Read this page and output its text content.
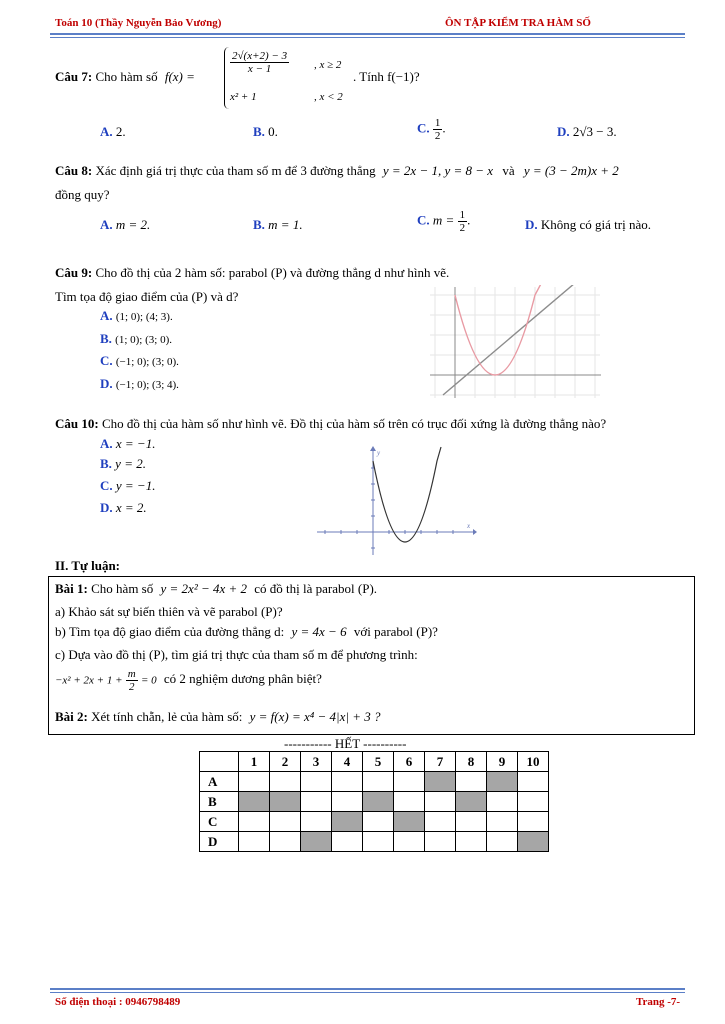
Toán 10 (Thầy Nguyễn Bảo Vương)	ÔN TẬP KIỂM TRA HÀM SỐ
Câu 7: Cho hàm số f(x) =
$\frac{2√(x+2) - 3}{x - 1}$ , x ≥ 2
x² + 1	, x < 2
. Tính f(−1)?
A. 2.	B. 0.	C. $\frac{1}{2}$ .	D. 2√3 − 3.
Câu 8: Xác định giá trị thực của tham số m để 3 đường thẳng y = 2x − 1, y = 8 − x và y = (3 − 2m)x + 2
đồng quy?
A. m = 2.	B. m = 1.	C. $m = \frac{1}{2}$ .	D. Không có giá trị nào.
Câu 9: Cho đồ thị của 2 hàm số: parabol (P) và đường thẳng d như hình vẽ.
Tìm tọa độ giao điểm của (P) và d?
A. (1; 0); (4; 3).
B. (1; 0); (3; 0).
C. (−1; 0); (3; 0).
D. (−1; 0); (3; 4).
Câu 10: Cho đồ thị của hàm số như hình vẽ. Đồ thị của hàm số trên có trục đối xứng là đường thẳng nào?
A. x = −1.
B. y = 2.
C. y = −1.
D. x = 2.
y
x
II. Tự luận:
Bài 1: Cho hàm số y = 2x² − 4x + 2 có đồ thị là parabol (P).
a) Khảo sát sự biến thiên và vẽ parabol (P)?
b) Tìm tọa độ giao điểm của đường thẳng d: y = 4x − 6 với parabol (P)?
c) Dựa vào đồ thị (P), tìm giá trị thực của tham số m để phương trình:
$-x^2 + 2x + 1 + \frac{m}{2} = 0$ có 2 nghiệm dương phân biệt?
Bài 2: Xét tính chẵn, lẻ của hàm số: y = f(x) = x⁴ − 4|x| + 3 ?
----------- HẾT ----------
	1	2	3	4	5	6	7	8	9	10
A										
B										
C										
D										
Số điện thoại : 0946798489	Trang -7-
